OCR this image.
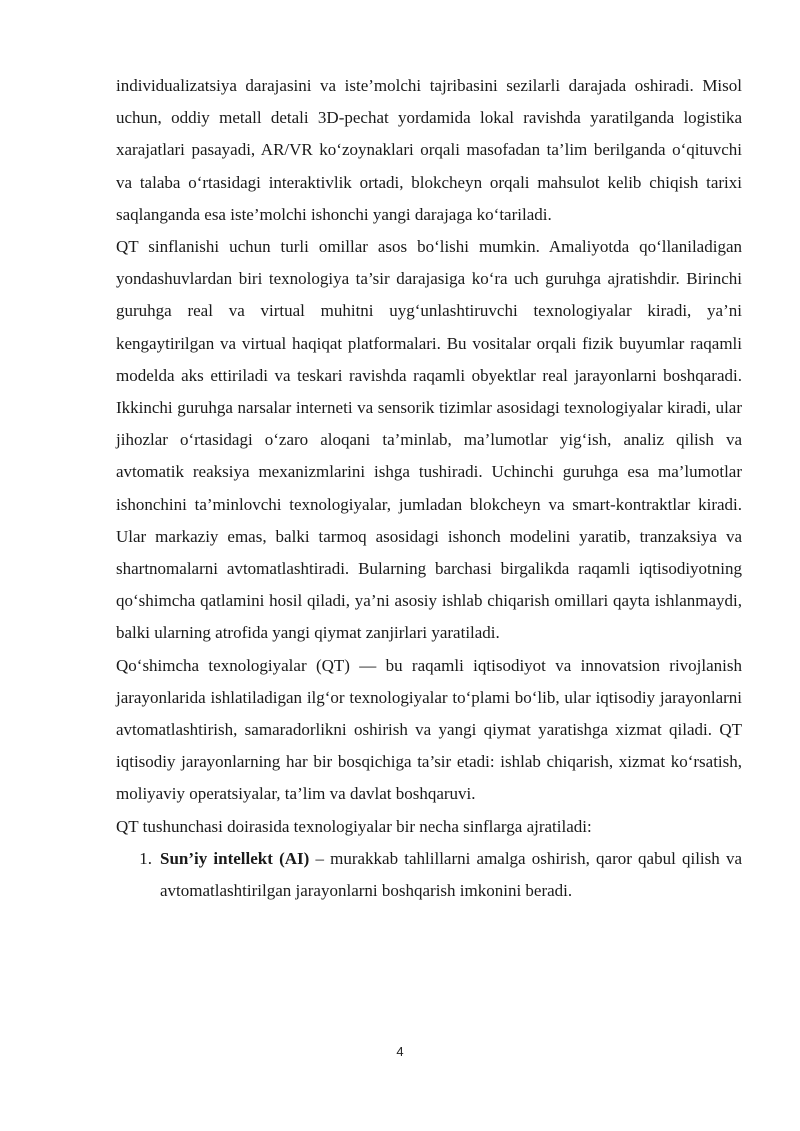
individualizatsiya darajasini va iste’molchi tajribasini sezilarli darajada oshiradi. Misol uchun, oddiy metall detali 3D-pechat yordamida lokal ravishda yaratilganda logistika xarajatlari pasayadi, AR/VR ko‘zoynaklari orqali masofadan ta’lim berilganda o‘qituvchi va talaba o‘rtasidagi interaktivlik ortadi, blokcheyn orqali mahsulot kelib chiqish tarixi saqlanganda esa iste’molchi ishonchi yangi darajaga ko‘tariladi.

QT sinflanishi uchun turli omillar asos bo‘lishi mumkin. Amaliyotda qo‘llaniladigan yondashuvlardan biri texnologiya ta’sir darajasiga ko‘ra uch guruhga ajratishdir. Birinchi guruhga real va virtual muhitni uyg‘unlashtiruvchi texnologiyalar kiradi, ya’ni kengaytirilgan va virtual haqiqat platformalari. Bu vositalar orqali fizik buyumlar raqamli modelda aks ettiriladi va teskari ravishda raqamli obyektlar real jarayonlarni boshqaradi. Ikkinchi guruhga narsalar interneti va sensorik tizimlar asosidagi texnologiyalar kiradi, ular jihozlar o‘rtasidagi o‘zaro aloqani ta’minlab, ma’lumotlar yig‘ish, analiz qilish va avtomatik reaksiya mexanizmlarini ishga tushiradi. Uchinchi guruhga esa ma’lumotlar ishonchini ta’minlovchi texnologiyalar, jumladan blokcheyn va smart-kontraktlar kiradi. Ular markaziy emas, balki tarmoq asosidagi ishonch modelini yaratib, tranzaksiya va shartnomalarni avtomatlashtiradi. Bularning barchasi birgalikda raqamli iqtisodiyotning qo‘shimcha qatlamini hosil qiladi, ya’ni asosiy ishlab chiqarish omillari qayta ishlanmaydi, balki ularning atrofida yangi qiymat zanjirlari yaratiladi.

Qo‘shimcha texnologiyalar (QT) — bu raqamli iqtisodiyot va innovatsion rivojlanish jarayonlarida ishlatiladigan ilg‘or texnologiyalar to‘plami bo‘lib, ular iqtisodiy jarayonlarni avtomatlashtirish, samaradorlikni oshirish va yangi qiymat yaratishga xizmat qiladi. QT iqtisodiy jarayonlarning har bir bosqichiga ta’sir etadi: ishlab chiqarish, xizmat ko‘rsatish, moliyaviy operatsiyalar, ta’lim va davlat boshqaruvi.

QT tushunchasi doirasida texnologiyalar bir necha sinflarga ajratiladi:

1. Sun’iy intellekt (AI) – murakkab tahlillarni amalga oshirish, qaror qabul qilish va avtomatlashtirilgan jarayonlarni boshqarish imkonini beradi.
4
